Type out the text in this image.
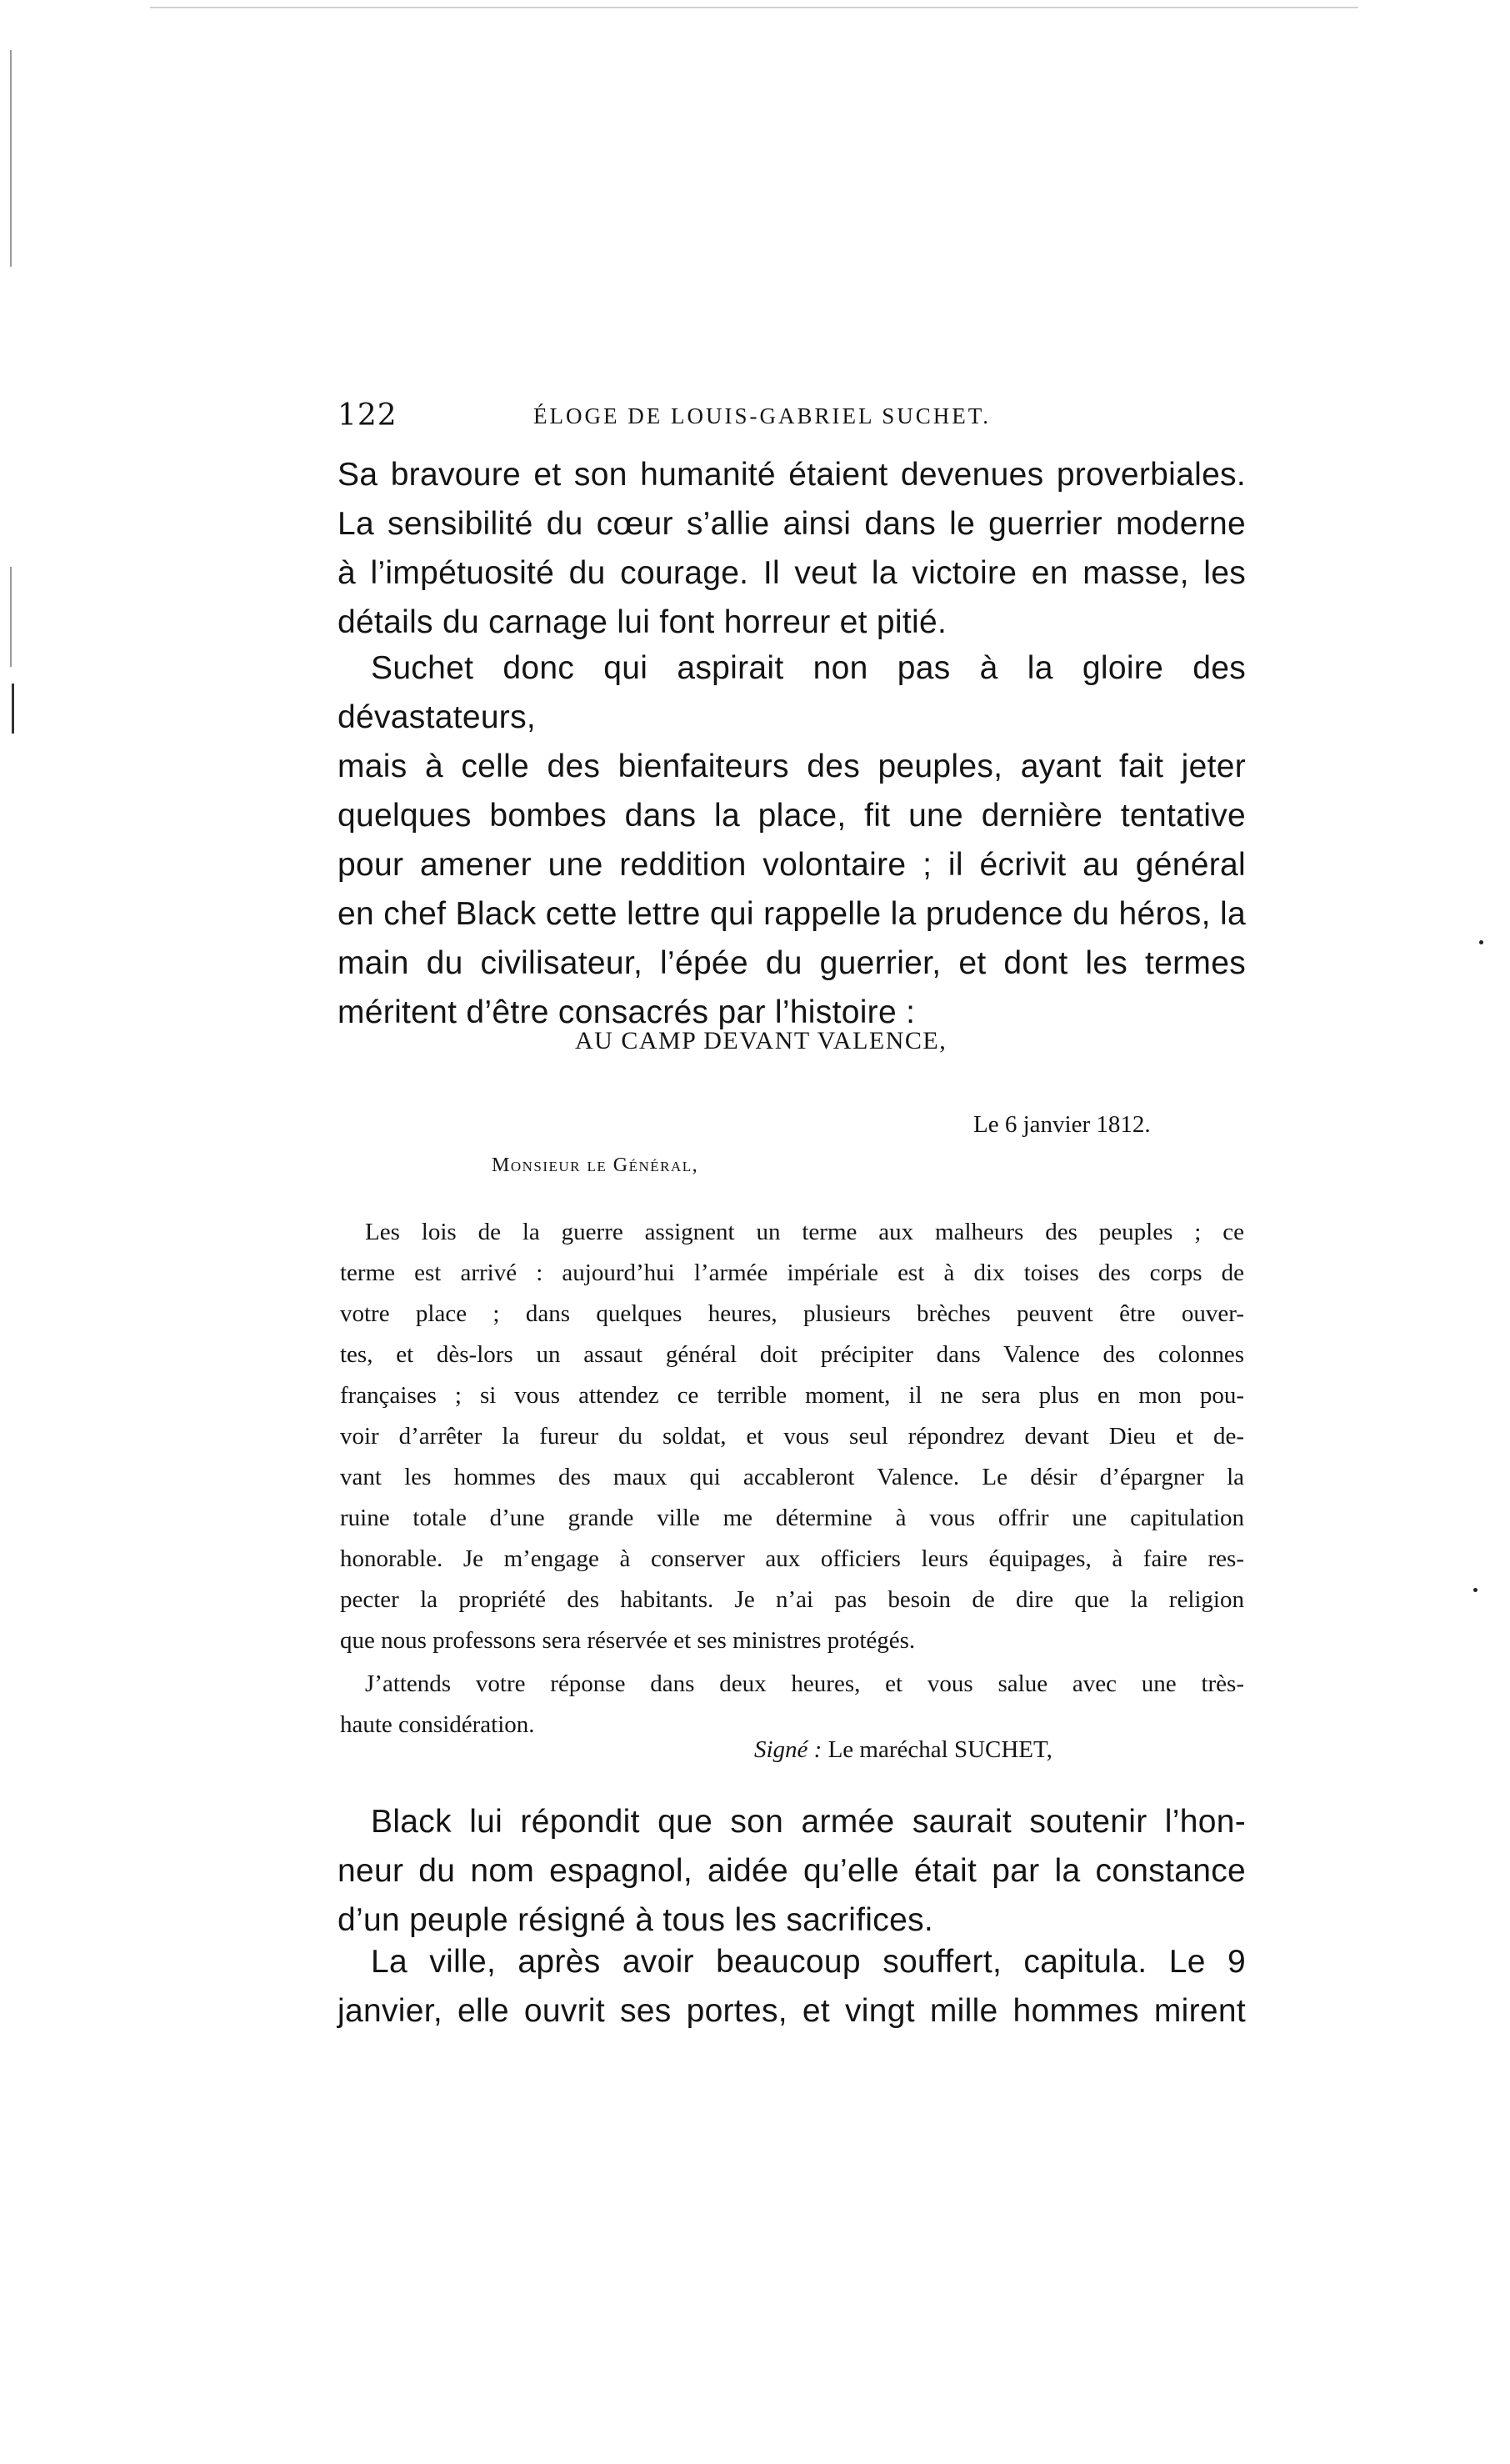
122	ÉLOGE DE LOUIS-GABRIEL SUCHET.

Sa bravoure et son humanité étaient devenues proverbiales.

La sensibilité du cœur s’allie ainsi dans le guerrier moderne

à l’impétuosité du courage. Il veut la victoire en masse, les

détails du carnage lui font horreur et pitié.

Suchet donc qui aspirait non pas à la gloire des dévastateurs,

mais à celle des bienfaiteurs des peuples, ayant fait jeter

quelques bombes dans la place, fit une dernière tentative

pour amener une reddition volontaire ; il écrivit au général

en chef Black cette lettre qui rappelle la prudence du héros, la

main du civilisateur, l’épée du guerrier, et dont les termes

méritent d’être consacrés par l’histoire :

AU CAMP DEVANT VALENCE,
Le 6 janvier 1812.
Monsieur le Général,

Les lois de la guerre assignent un terme aux malheurs des peuples ; ce

terme est arrivé : aujourd’hui l’armée impériale est à dix toises des corps de

votre place ; dans quelques heures, plusieurs brèches peuvent être ouver-

tes, et dès-lors un assaut général doit précipiter dans Valence des colonnes

françaises ; si vous attendez ce terrible moment, il ne sera plus en mon pou-

voir d’arrêter la fureur du soldat, et vous seul répondrez devant Dieu et de-

vant les hommes des maux qui accableront Valence. Le désir d’épargner la

ruine totale d’une grande ville me détermine à vous offrir une capitulation

honorable. Je m’engage à conserver aux officiers leurs équipages, à faire res-

pecter la propriété des habitants. Je n’ai pas besoin de dire que la religion

que nous professons sera réservée et ses ministres protégés.

J’attends votre réponse dans deux heures, et vous salue avec une très-

haute considération.

Signé : Le maréchal SUCHET,

Black lui répondit que son armée saurait soutenir l’hon-

neur du nom espagnol, aidée qu’elle était par la constance

d’un peuple résigné à tous les sacrifices.

La ville, après avoir beaucoup souffert, capitula. Le 9

janvier, elle ouvrit ses portes, et vingt mille hommes mirent
